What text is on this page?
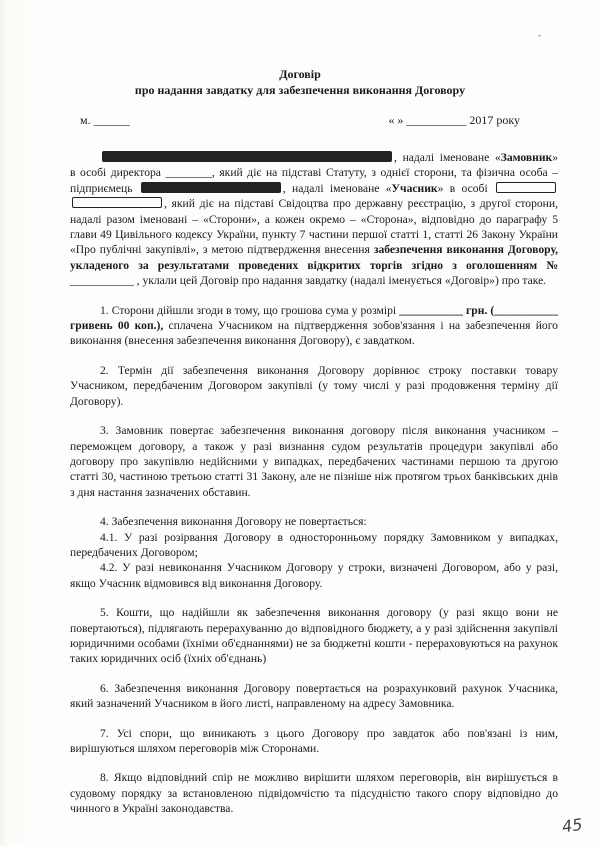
‐
Договір
про надання завдатку для забезпечення виконання Договору
м. ______	« » __________ 2017 року

, надалі іменоване «Замовник» в особі директора ________, який діє на підставі Статуту, з однієї сторони, та фізична особа – підприємець	, надалі іменоване «Учасник» в особі  , який діє на підставі Свідоцтва про державну реєстрацію, з другої сторони, надалі разом іменовані – «Сторони», а кожен окремо – «Сторона», відповідно до параграфу 5 глави 49 Цивільного кодексу України, пункту 7 частини першої статті 1, статті 26 Закону України «Про публічні закупівлі», з метою підтвердження внесення забезпечення виконання Договору, укладеного за результатами проведених відкритих торгів згідно з оголошенням № ___________ , уклали цей Договір про надання завдатку (надалі іменується «Договір») про таке.

1. Сторони дійшли згоди в тому, що грошова сума у розмірі ___________ грн. (___________ гривень 00 коп.), сплачена Учасником на підтвердження зобов'язання і на забезпечення його виконання (внесення забезпечення виконання Договору), є завдатком.

2. Термін дії забезпечення виконання Договору дорівнює строку поставки товару Учасником, передбаченим Договором закупівлі (у тому числі у разі продовження терміну дії Договору).

3. Замовник повертає забезпечення виконання договору після виконання учасником – переможцем договору, а також у разі визнання судом результатів процедури закупівлі або договору про закупівлю недійсними у випадках, передбачених частинами першою та другою статті 30, частиною третьою статті 31 Закону, але не пізніше ніж протягом трьох банківських днів з дня настання зазначених обставин.

4. Забезпечення виконання Договору не повертається:

4.1. У разі розірвання Договору в односторонньому порядку Замовником у випадках, передбачених Договором;

4.2. У разі невиконання Учасником Договору у строки, визначені Договором, або у разі, якщо Учасник відмовився від виконання Договору.

5. Кошти, що надійшли як забезпечення виконання договору (у разі якщо вони не повертаються), підлягають перерахуванню до відповідного бюджету, а у разі здійснення закупівлі юридичними особами (їхніми об'єднаннями) не за бюджетні кошти - перераховуються на рахунок таких юридичних осіб (їхніх об'єднань)

6. Забезпечення виконання Договору повертається на розрахунковий рахунок Учасника, який зазначений Учасником в його листі, направленому на адресу Замовника.

7. Усі спори, що виникають з цього Договору про завдаток або пов'язані із ним, вирішуються шляхом переговорів між Сторонами.

8. Якщо відповідний спір не можливо вирішити шляхом переговорів, він вирішується в судовому порядку за встановленою підвідомчістю та підсудністю такого спору відповідно до чинного в Україні законодавства.

45
